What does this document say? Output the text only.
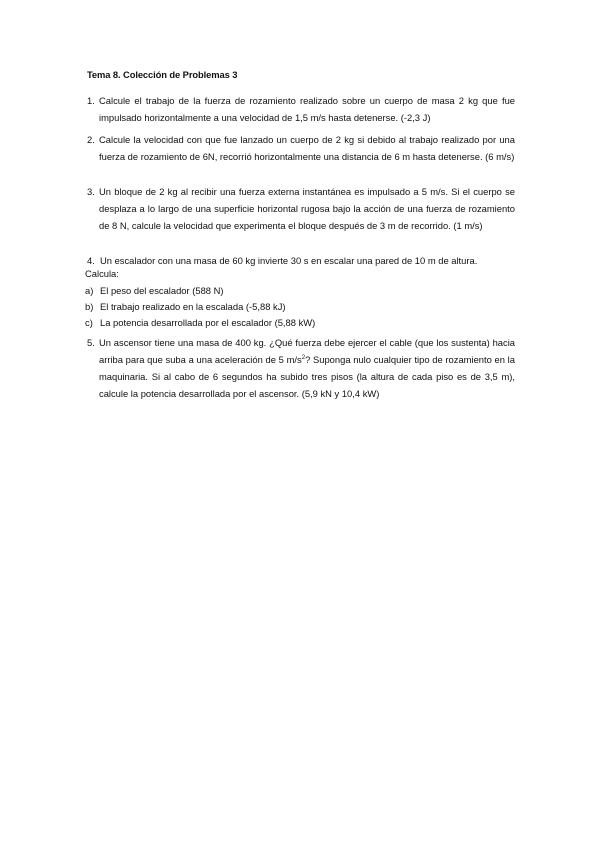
Tema 8. Colección de Problemas 3
1. Calcule el trabajo de la fuerza de rozamiento realizado sobre un cuerpo de masa 2 kg que fue impulsado horizontalmente a una velocidad de 1,5 m/s hasta detenerse. (-2,3 J)
2. Calcule la velocidad con que fue lanzado un cuerpo de 2 kg si debido al trabajo realizado por una fuerza de rozamiento de 6N, recorrió horizontalmente una distancia de 6 m hasta detenerse. (6 m/s)
3. Un bloque de 2 kg al recibir una fuerza externa instantánea es impulsado a 5 m/s. Si el cuerpo se desplaza a lo largo de una superficie horizontal rugosa bajo la acción de una fuerza de rozamiento de 8 N, calcule la velocidad que experimenta el bloque después de 3 m de recorrido. (1 m/s)
4. Un escalador con una masa de 60 kg invierte 30 s en escalar una pared de 10 m de altura.
Calcula:
a) El peso del escalador (588 N)
b) El trabajo realizado en la escalada (-5,88 kJ)
c) La potencia desarrollada por el escalador (5,88 kW)
5. Un ascensor tiene una masa de 400 kg. ¿Qué fuerza debe ejercer el cable (que los sustenta) hacia arriba para que suba a una aceleración de 5 $m/s^2$? Suponga nulo cualquier tipo de rozamiento en la maquinaria. Si al cabo de 6 segundos ha subido tres pisos (la altura de cada piso es de 3,5 m), calcule la potencia desarrollada por el ascensor. (5,9 kN y 10,4 kW)
